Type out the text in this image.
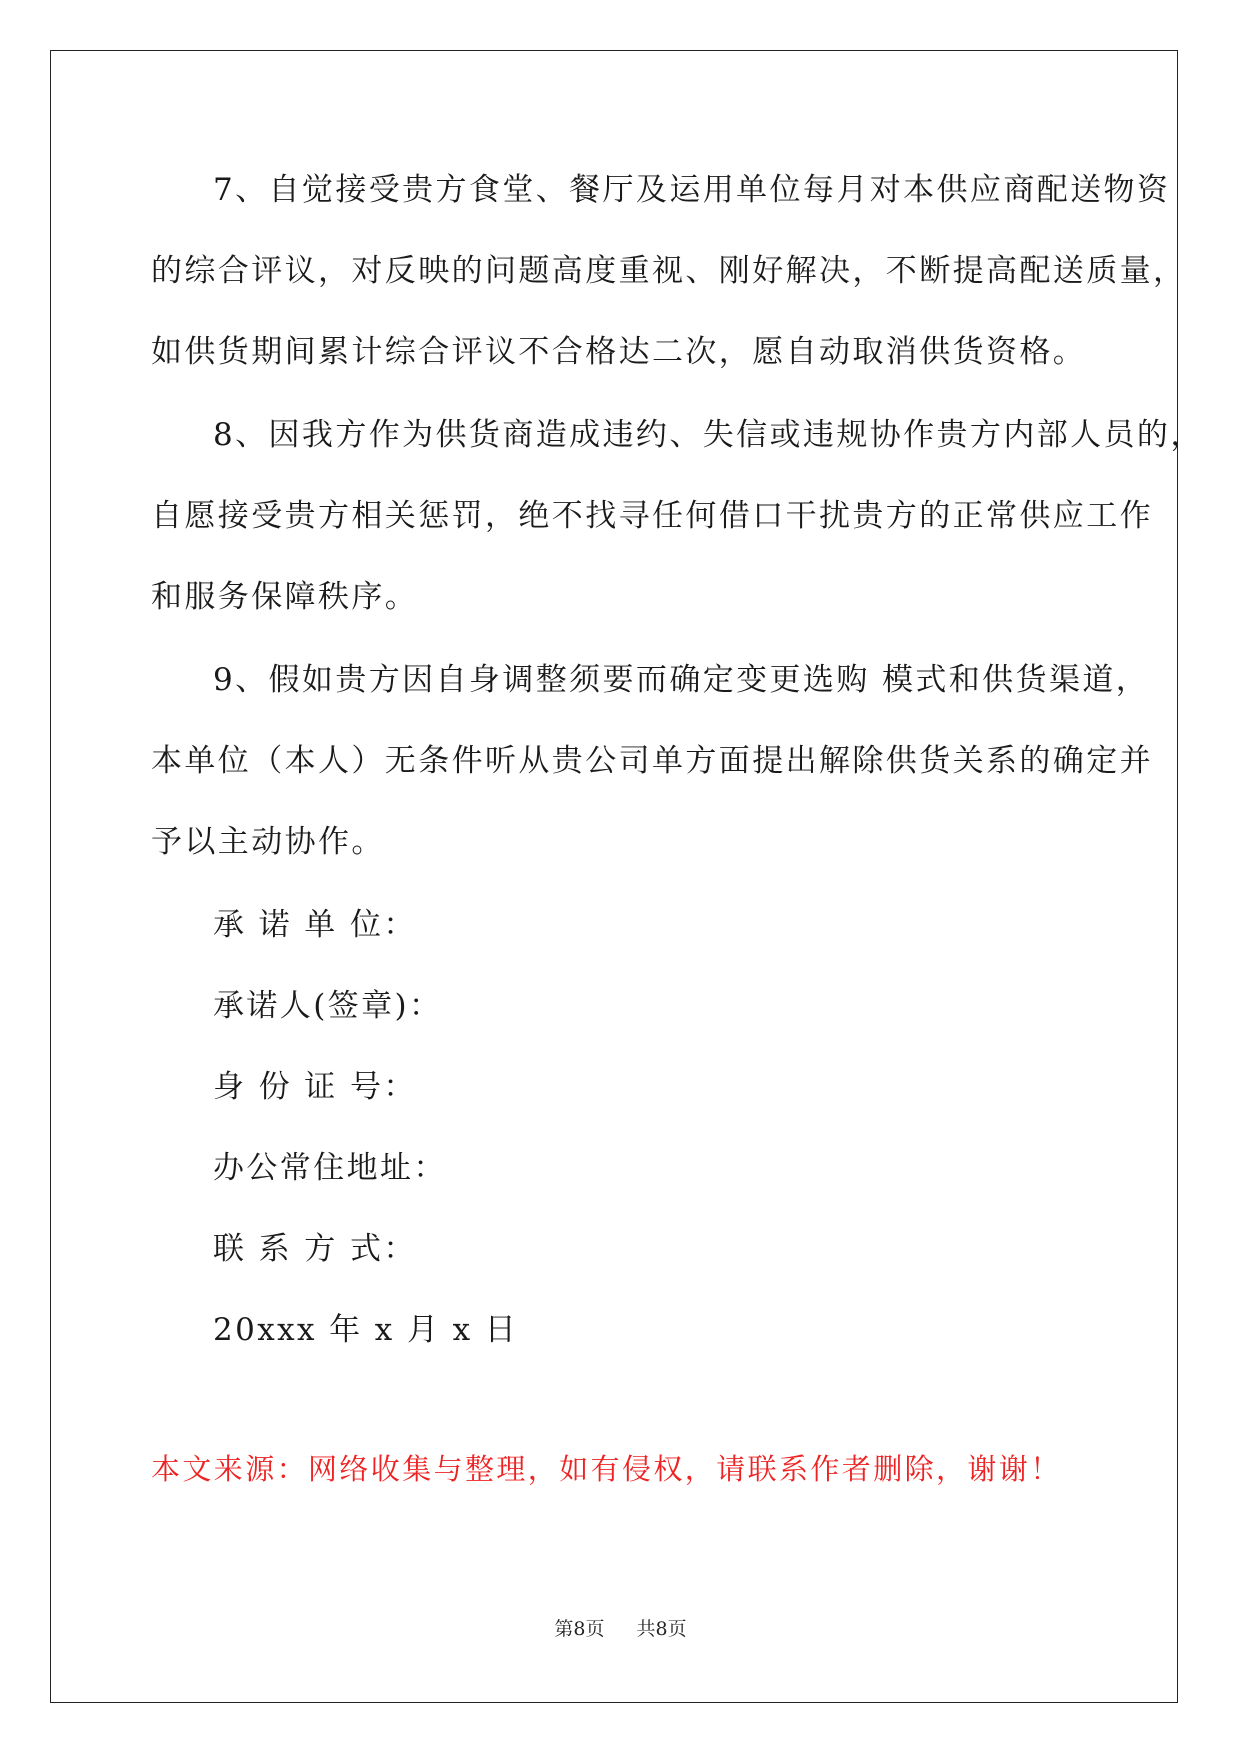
7、自觉接受贵方食堂、餐厅及运用单位每月对本供应商配送物资

的综合评议，对反映的问题高度重视、刚好解决，不断提高配送质量，

如供货期间累计综合评议不合格达二次，愿自动取消供货资格。

8、因我方作为供货商造成违约、失信或违规协作贵方内部人员的，

自愿接受贵方相关惩罚，绝不找寻任何借口干扰贵方的正常供应工作

和服务保障秩序。

9、假如贵方因自身调整须要而确定变更选购 模式和供货渠道，

本单位（本人）无条件听从贵公司单方面提出解除供货关系的确定并

予以主动协作。

承 诺 单 位：

承诺人(签章)：

身 份 证 号：

办公常住地址：

联 系 方 式：

20xxx 年 x 月 x 日

本文来源：网络收集与整理，如有侵权，请联系作者删除，谢谢！
第8页 共8页
